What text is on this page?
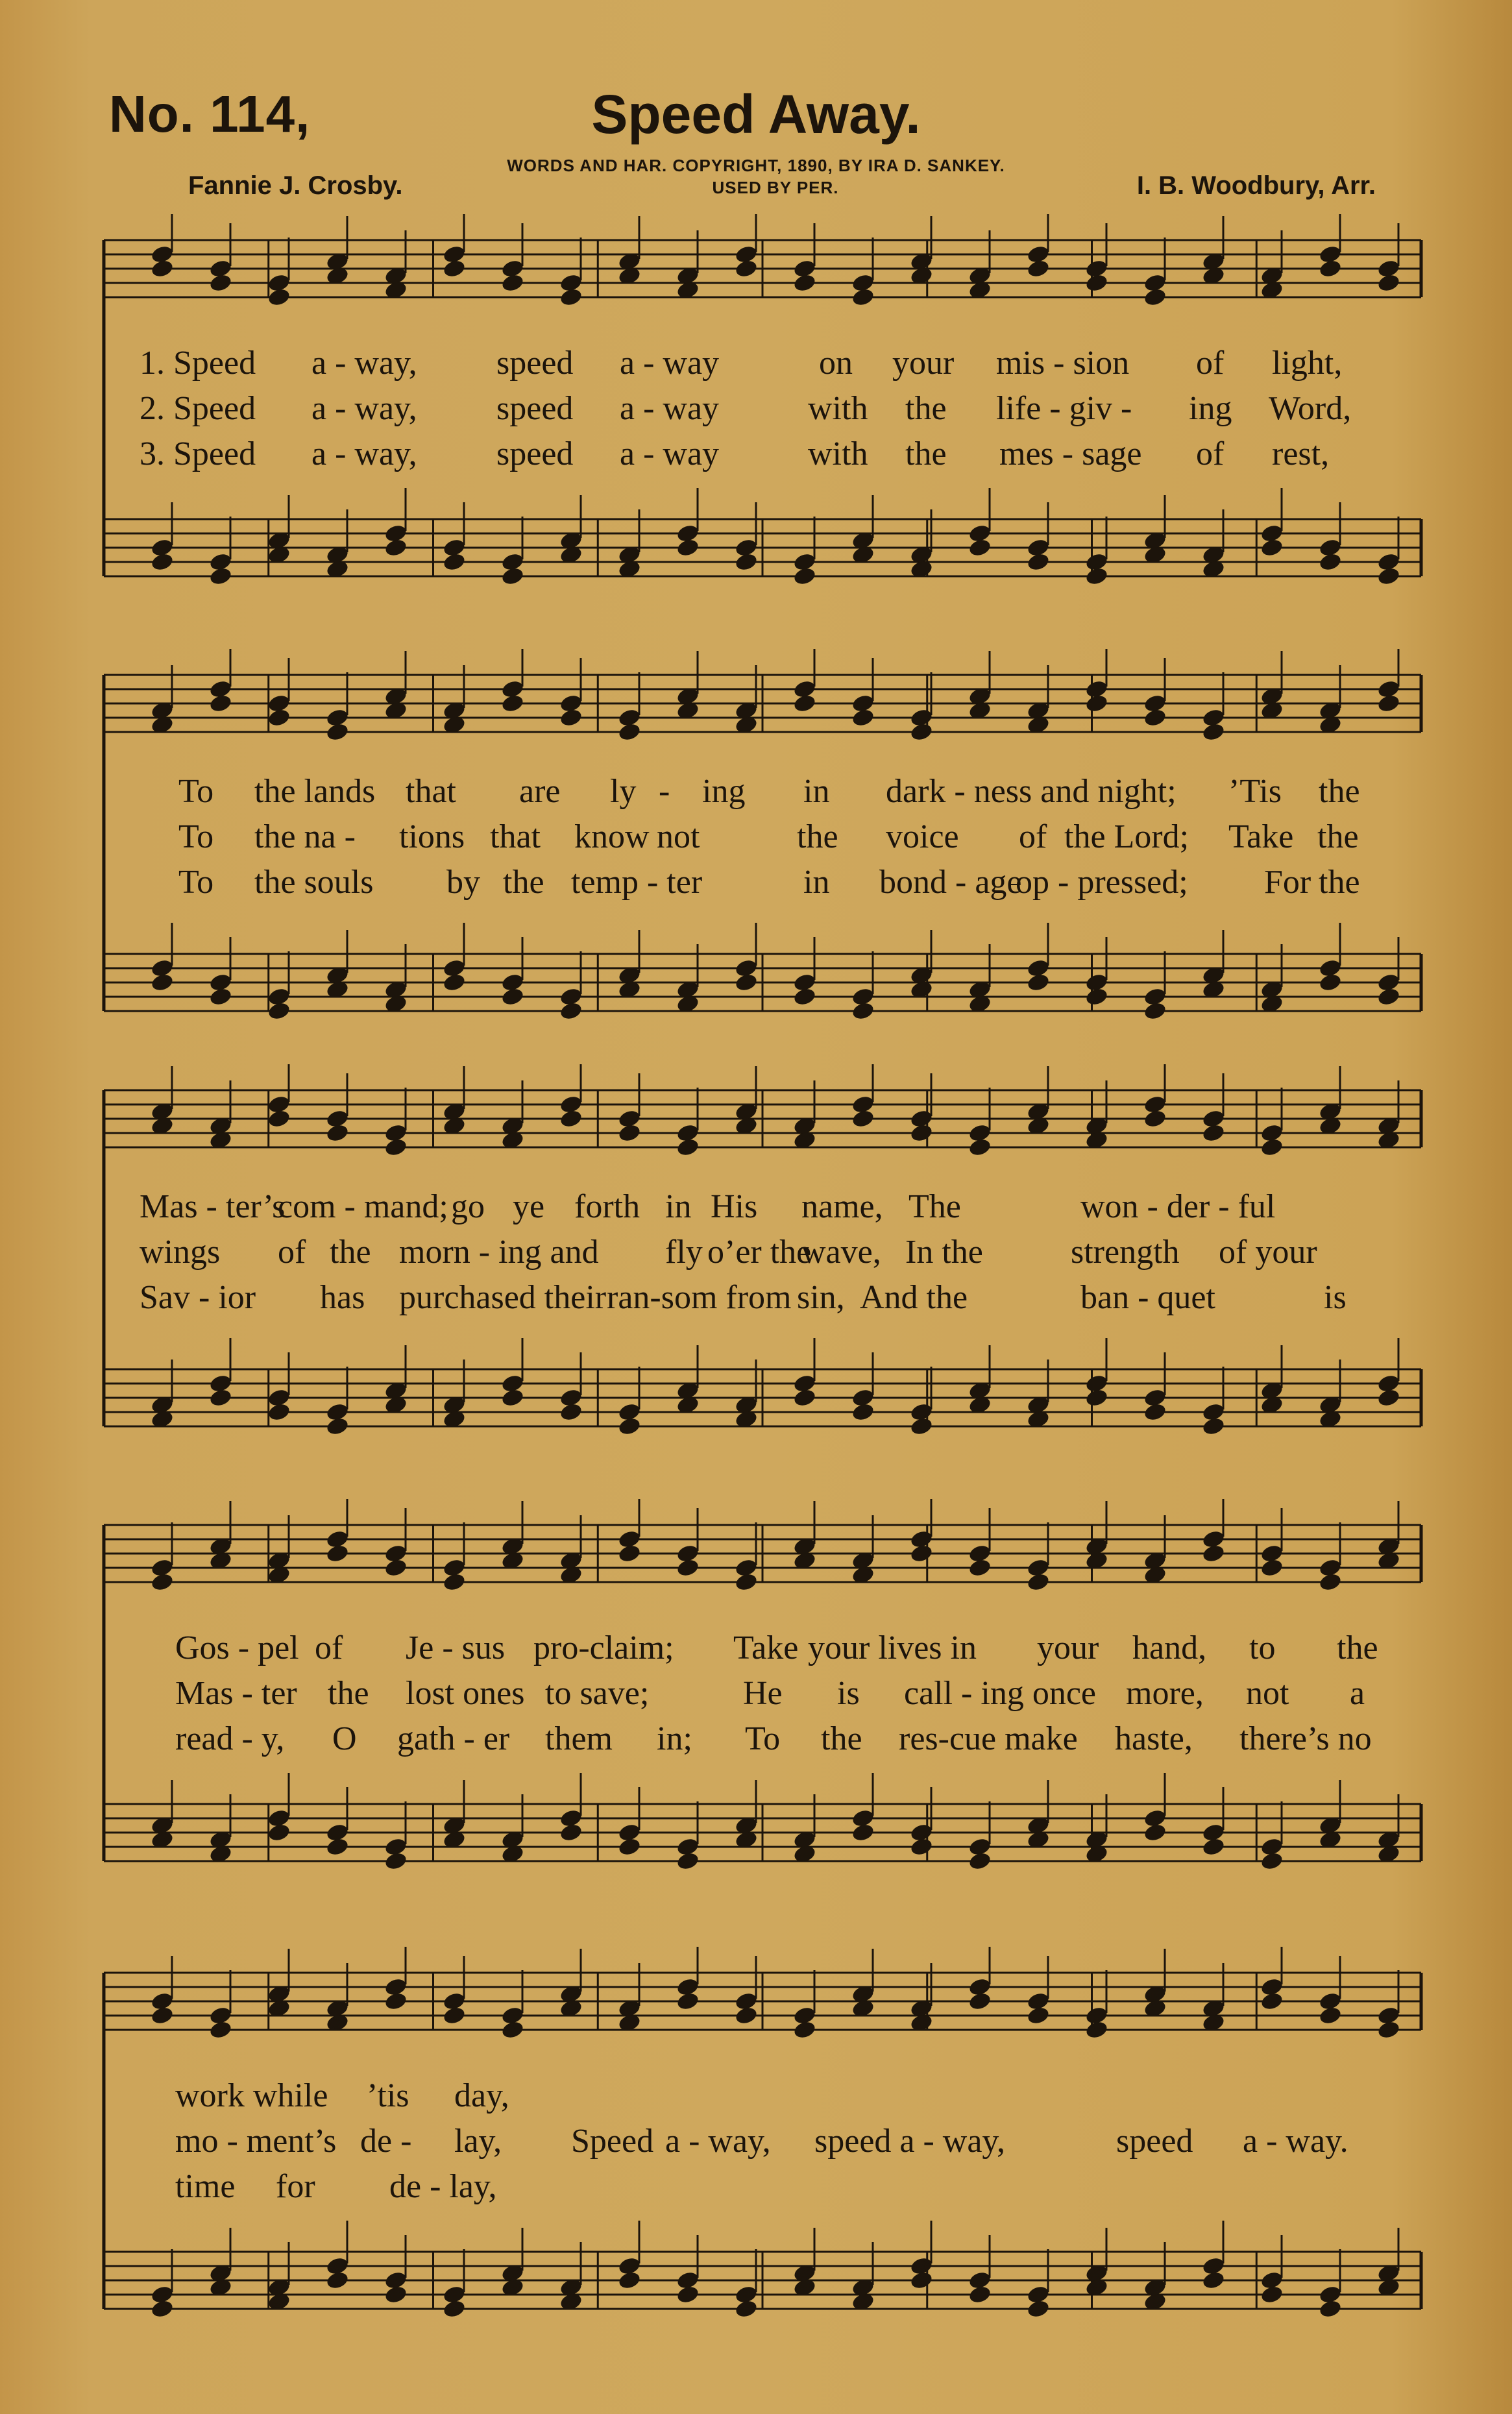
No. 114,	Speed Away.
WORDS AND HAR. COPYRIGHT, 1890, BY IRA D. SANKEY.
USED BY PER.
Fannie J. Crosby.	I. B. Woodbury, Arr.
1. Speed a - way, speed a - way	on your mis - sion of light,
2. Speed a - way, speed a - way	with the life - giv - ing Word,
3. Speed a - way, speed a - way	with the mes - sage of rest,
To the lands that are ly - ing in dark - ness and night; ’Tis the
To the na - tions that know not	the voice of the Lord; Take the
To the souls by the temp - ter	in bond - age
op - pressed; For the
Mas - ter’s
com - mand; go ye forth in His name, The	won - der - ful
wings of the morn - ing and fly o’er the
wave, In the	strength of your
Sav - ior has purchased their ran-som from sin, And the	ban - quet	is
Gos - pel of Je - sus pro-claim; Take your lives in your hand, to the
Mas - ter the lost ones to save;	He is call - ing once more, not a
read - y, O gath - er them in; To the res-cue make haste, there’s no
work while ’tis day,
mo - ment’s de - lay, Speed a - way, speed a - way,	speed a - way.
time for de - lay,
